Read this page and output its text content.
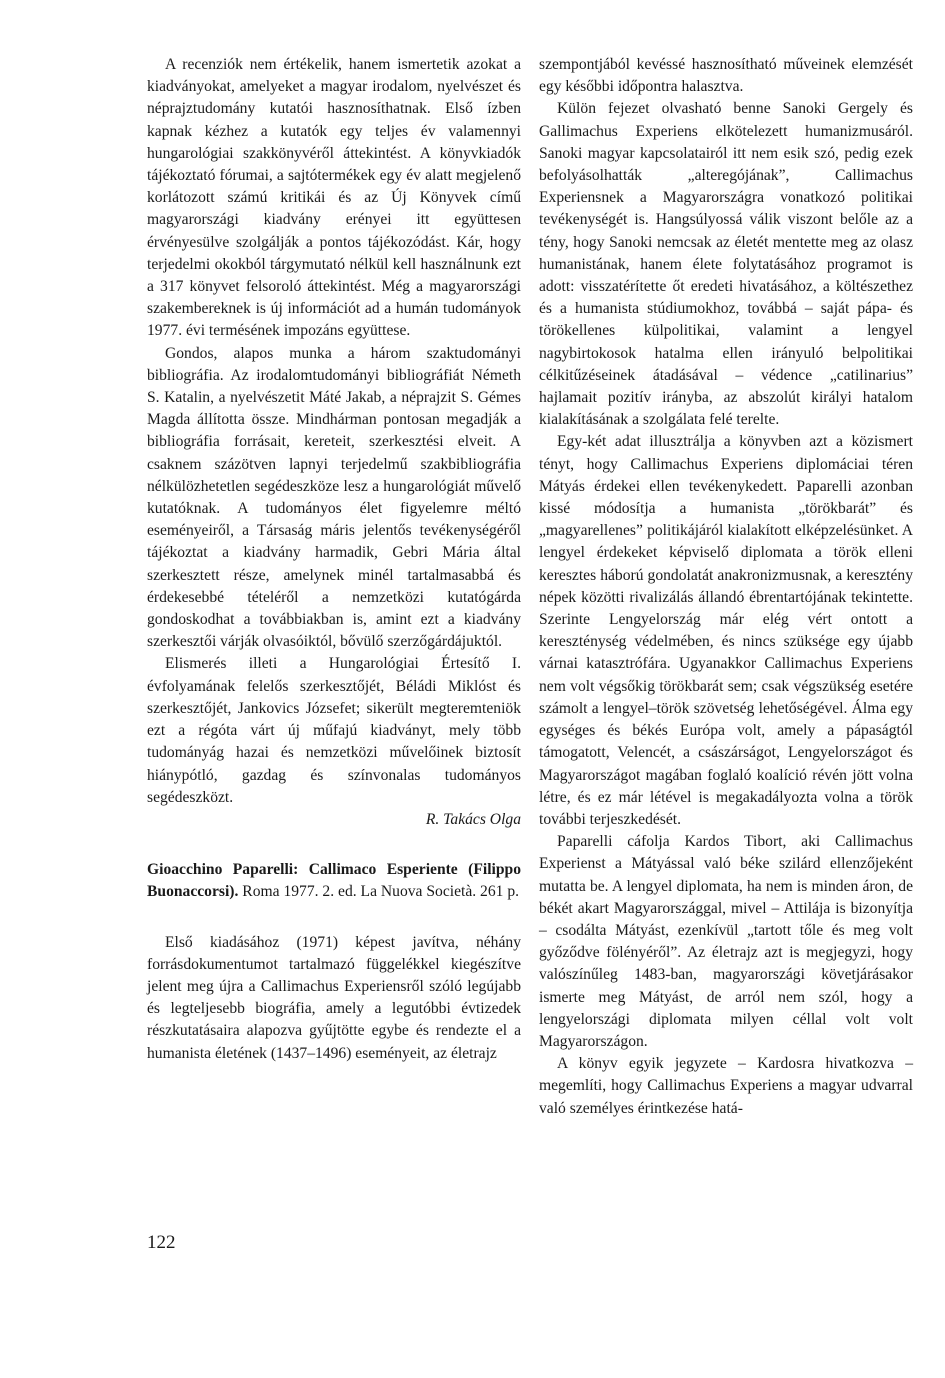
A recenziók nem értékelik, hanem ismertetik azokat a kiadványokat, amelyeket a magyar irodalom, nyelvészet és néprajztudomány kutatói hasznosíthatnak. Első ízben kapnak kézhez a kutatók egy teljes év valamennyi hungarológiai szakkönyvéről áttekintést. A könyvkiadók tájékoztató fórumai, a sajtótermékek egy év alatt megjelenő korlátozott számú kritikái és az Új Könyvek című magyarországi kiadvány erényei itt együttesen érvényesülve szolgálják a pontos tájékozódást. Kár, hogy terjedelmi okokból tárgymutató nélkül kell használnunk ezt a 317 könyvet felsoroló áttekintést. Még a magyarországi szakembereknek is új információt ad a humán tudományok 1977. évi termésének impozáns együttese.

Gondos, alapos munka a három szaktudományi bibliográfia. Az irodalomtudományi bibliográfiát Németh S. Katalin, a nyelvészetit Máté Jakab, a néprajzit S. Gémes Magda állította össze. Mindhárman pontosan megadják a bibliográfia forrásait, kereteit, szerkesztési elveit. A csaknem százötven lapnyi terjedelmű szakbibliográfia nélkülözhetetlen segédeszköze lesz a hungarológiát művelő kutatóknak. A tudományos élet figyelemre méltó eseményeiről, a Társaság máris jelentős tevékenységéről tájékoztat a kiadvány harmadik, Gebri Mária által szerkesztett része, amelynek minél tartalmasabbá és érdekesebbé tételéről a nemzetközi kutatógárda gondoskodhat a továbbiakban is, amint ezt a kiadvány szerkesztői várják olvasóiktól, bővülő szerzőgárdájuktól.

Elismerés illeti a Hungarológiai Értesítő I. évfolyamának felelős szerkesztőjét, Béládi Miklóst és szerkesztőjét, Jankovics Józsefet; sikerült megteremteniök ezt a régóta várt új műfajú kiadványt, mely több tudományág hazai és nemzetközi művelőinek biztosít hiánypótló, gazdag és színvonalas tudományos segédeszközt.

R. Takács Olga

Gioacchino Paparelli: Callimaco Esperiente (Filippo Buonaccorsi). Roma 1977. 2. ed. La Nuova Società. 261 p.

Első kiadásához (1971) képest javítva, néhány forrásdokumentumot tartalmazó függelékkel kiegészítve jelent meg újra a Callimachus Experiensről szóló legújabb és legteljesebb biográfia, amely a legutóbbi évtizedek részkutatásaira alapozva gyűjtötte egybe és rendezte el a humanista életének (1437–1496) eseményeit, az életrajz

szempontjából kevéssé hasznosítható műveinek elemzését egy későbbi időpontra halasztva.

Külön fejezet olvasható benne Sanoki Gergely és Gallimachus Experiens elkötelezett humanizmusáról. Sanoki magyar kapcsolatairól itt nem esik szó, pedig ezek befolyásolhatták „alteregójának”, Callimachus Experiensnek a Magyarországra vonatkozó politikai tevékenységét is. Hangsúlyossá válik viszont belőle az a tény, hogy Sanoki nemcsak az életét mentette meg az olasz humanistának, hanem élete folytatásához programot is adott: visszatérítette őt eredeti hivatásához, a költészethez és a humanista stúdiumokhoz, továbbá – saját pápa- és törökellenes külpolitikai, valamint a lengyel nagybirtokosok hatalma ellen irányuló belpolitikai célkitűzéseinek átadásával – védence „catilinarius” hajlamait pozitív irányba, az abszolút királyi hatalom kialakításának a szolgálata felé terelte.

Egy-két adat illusztrálja a könyvben azt a közismert tényt, hogy Callimachus Experiens diplomáciai téren Mátyás érdekei ellen tevékenykedett. Paparelli azonban kissé módosítja a humanista „törökbarát” és „magyarellenes” politikájáról kialakított elképzelésünket. A lengyel érdekeket képviselő diplomata a török elleni keresztes háború gondolatát anakronizmusnak, a keresztény népek közötti rivalizálás állandó ébrentartójának tekintette. Szerinte Lengyelország már elég vért ontott a kereszténység védelmében, és nincs szüksége egy újabb várnai katasztrófára. Ugyanakkor Callimachus Experiens nem volt végsőkig törökbarát sem; csak végszükség esetére számolt a lengyel–török szövetség lehetőségével. Álma egy egységes és békés Európa volt, amely a pápaságtól támogatott, Velencét, a császárságot, Lengyelországot és Magyarországot magában foglaló koalíció révén jött volna létre, és ez már létével is megakadályozta volna a török további terjeszkedését.

Paparelli cáfolja Kardos Tibort, aki Callimachus Experienst a Mátyással való béke szilárd ellenzőjeként mutatta be. A lengyel diplomata, ha nem is minden áron, de békét akart Magyarországgal, mivel – Attilája is bizonyítja – csodálta Mátyást, ezenkívül „tartott tőle és meg volt győződve fölényéről”. Az életrajz azt is megjegyzi, hogy valószínűleg 1483-ban, magyarországi követjárásakor ismerte meg Mátyást, de arról nem szól, hogy a lengyelországi diplomata milyen céllal volt volt Magyarországon.

A könyv egyik jegyzete – Kardosra hivatkozva – megemlíti, hogy Callimachus Experiens a magyar udvarral való személyes érintkezése hatá-

122
